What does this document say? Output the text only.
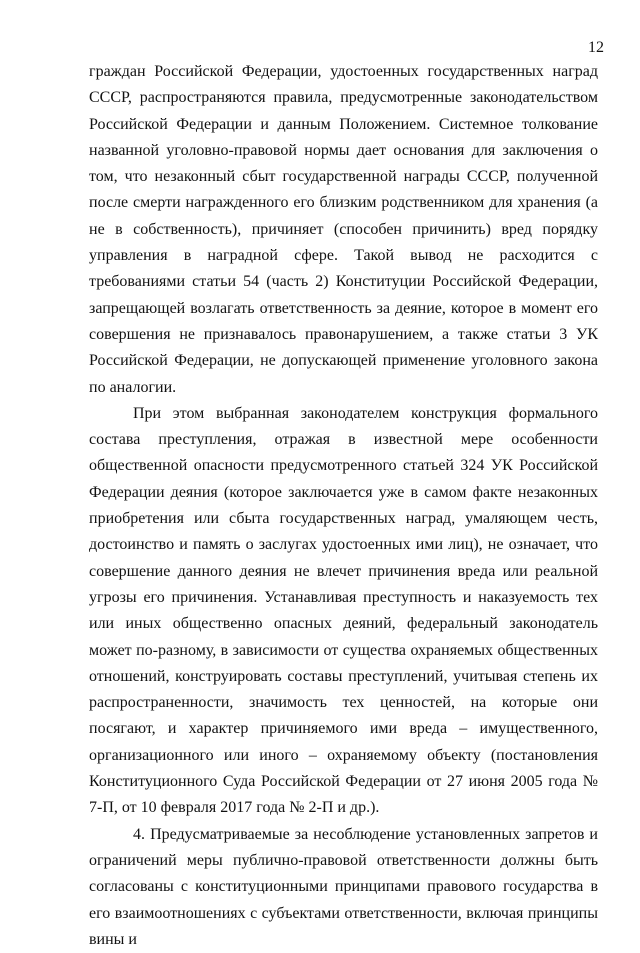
12

граждан Российской Федерации, удостоенных государственных наград СССР, распространяются правила, предусмотренные законодательством Российской Федерации и данным Положением. Системное толкование названной уголовно-правовой нормы дает основания для заключения о том, что незаконный сбыт государственной награды СССР, полученной после смерти награжденного его близким родственником для хранения (а не в собственность), причиняет (способен причинить) вред порядку управления в наградной сфере. Такой вывод не расходится с требованиями статьи 54 (часть 2) Конституции Российской Федерации, запрещающей возлагать ответственность за деяние, которое в момент его совершения не признавалось правонарушением, а также статьи 3 УК Российской Федерации, не допускающей применение уголовного закона по аналогии.

При этом выбранная законодателем конструкция формального состава преступления, отражая в известной мере особенности общественной опасности предусмотренного статьей 324 УК Российской Федерации деяния (которое заключается уже в самом факте незаконных приобретения или сбыта государственных наград, умаляющем честь, достоинство и память о заслугах удостоенных ими лиц), не означает, что совершение данного деяния не влечет причинения вреда или реальной угрозы его причинения. Устанавливая преступность и наказуемость тех или иных общественно опасных деяний, федеральный законодатель может по-разному, в зависимости от существа охраняемых общественных отношений, конструировать составы преступлений, учитывая степень их распространенности, значимость тех ценностей, на которые они посягают, и характер причиняемого ими вреда – имущественного, организационного или иного – охраняемому объекту (постановления Конституционного Суда Российской Федерации от 27 июня 2005 года № 7-П, от 10 февраля 2017 года № 2-П и др.).

4. Предусматриваемые за несоблюдение установленных запретов и ограничений меры публично-правовой ответственности должны быть согласованы с конституционными принципами правового государства в его взаимоотношениях с субъектами ответственности, включая принципы вины и
